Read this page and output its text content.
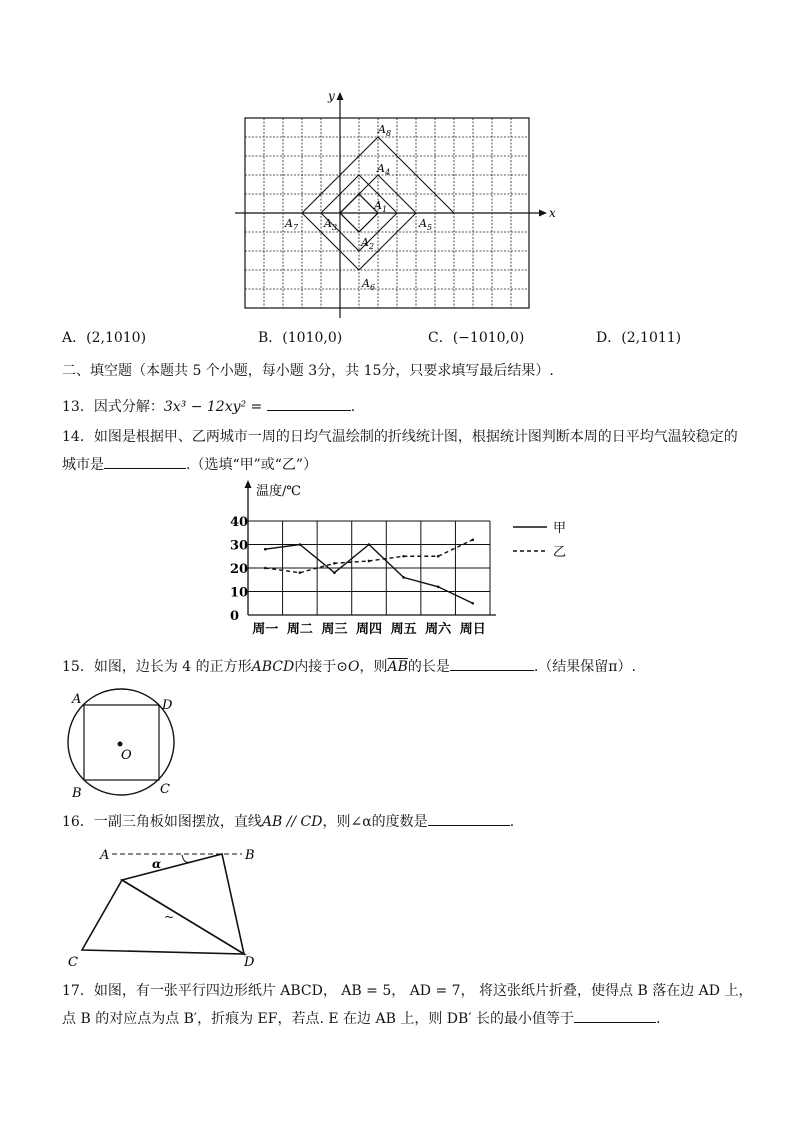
x
y
$A_8$
$A_4$
$A_1$
$A_7$ $A_3$
$A_2$
$A_5$
$A_6$
A．(2,1010)	B．(1010,0)	C．(−1010,0)	D．(2,1011)
二、填空题（本题共 5 个小题，每小题 3分，共 15分，只要求填写最后结果）.
13．因式分解：3x³ − 12xy² =	.
14．如图是根据甲、乙两城市一周的日均气温绘制的折线统计图，根据统计图判断本周的日平均气温较稳定的
城市是	.（选填“甲”或“乙”）
0
10
20
30
40
温度/℃
周一 周二 周三 周四 周五 周六 周日
甲
乙
15．如图，边长为 4 的正方形ABCD内接于⊙O，则$\overline{AB}$的长是	.（结果保留π）.
O
A	D
B	C
16．一副三角板如图摆放，直线AB // CD，则∠α的度数是	.
α
~
A	B
C	D
17．如图，有一张平行四边形纸片 ABCD， AB = 5， AD = 7， 将这张纸片折叠，使得点 B 落在边 AD 上，
点 B 的对应点为点 B′，折痕为 EF，若点. E 在边 AB 上，则 DB′ 长的最小值等于	.
